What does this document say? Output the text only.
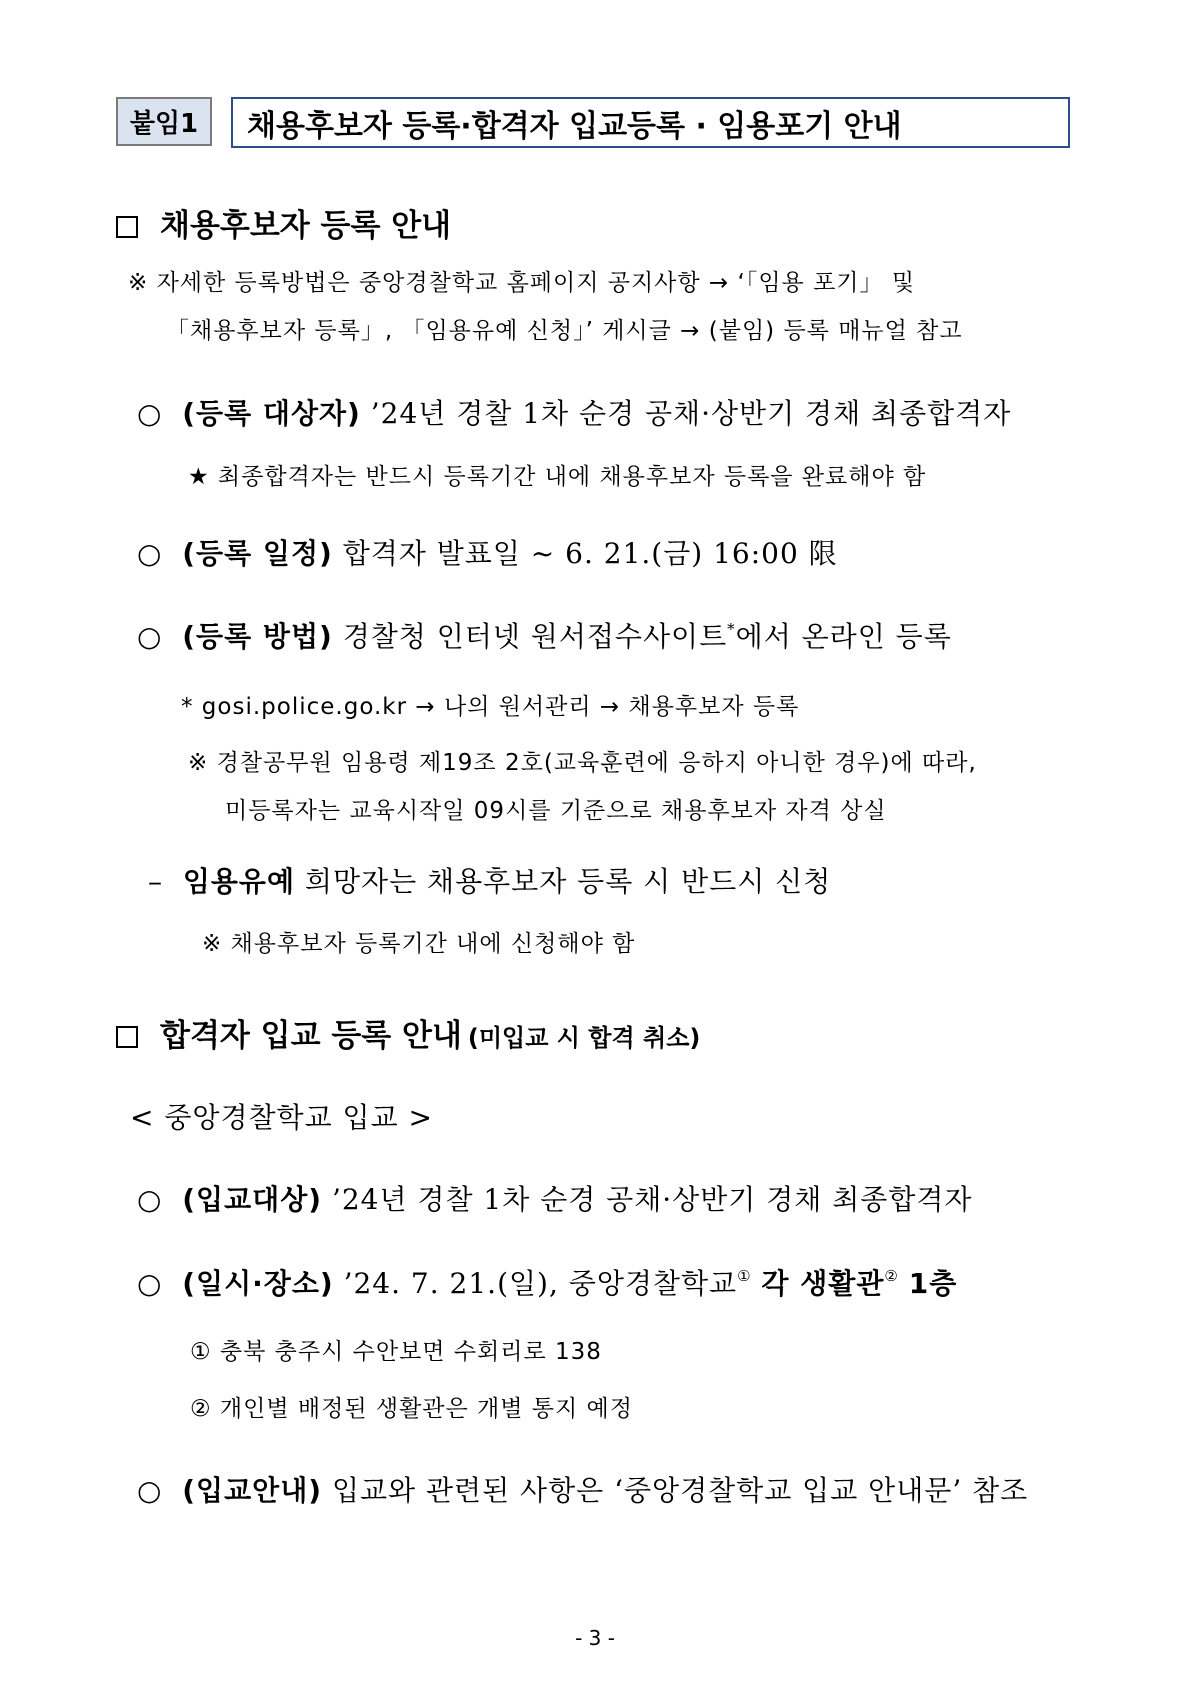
붙임1	채용후보자 등록·합격자 입교등록 · 임용포기 안내
채용후보자 등록 안내
※ 자세한 등록방법은 중앙경찰학교 홈페이지 공지사항 → ‘「임용 포기」 및
「채용후보자 등록」, 「임용유예 신청」’ 게시글 → (붙임) 등록 매뉴얼 참고
○ (등록 대상자) ’24년 경찰 1차 순경 공채·상반기 경채 최종합격자
★ 최종합격자는 반드시 등록기간 내에 채용후보자 등록을 완료해야 함
○ (등록 일정) 합격자 발표일 ~ 6. 21.(금) 16:00 限
○ (등록 방법) 경찰청 인터넷 원서접수사이트*에서 온라인 등록
* gosi.police.go.kr → 나의 원서관리 → 채용후보자 등록
※ 경찰공무원 임용령 제19조 2호(교육훈련에 응하지 아니한 경우)에 따라,
미등록자는 교육시작일 09시를 기준으로 채용후보자 자격 상실
– 임용유예 희망자는 채용후보자 등록 시 반드시 신청
※ 채용후보자 등록기간 내에 신청해야 함
합격자 입교 등록 안내 (미입교 시 합격 취소)
< 중앙경찰학교 입교 >
○ (입교대상) ’24년 경찰 1차 순경 공채·상반기 경채 최종합격자
○ (일시·장소) ’24. 7. 21.(일), 중앙경찰학교① 각 생활관② 1층
① 충북 충주시 수안보면 수회리로 138
② 개인별 배정된 생활관은 개별 통지 예정
○ (입교안내) 입교와 관련된 사항은 ‘중앙경찰학교 입교 안내문’ 참조
- 3 -
